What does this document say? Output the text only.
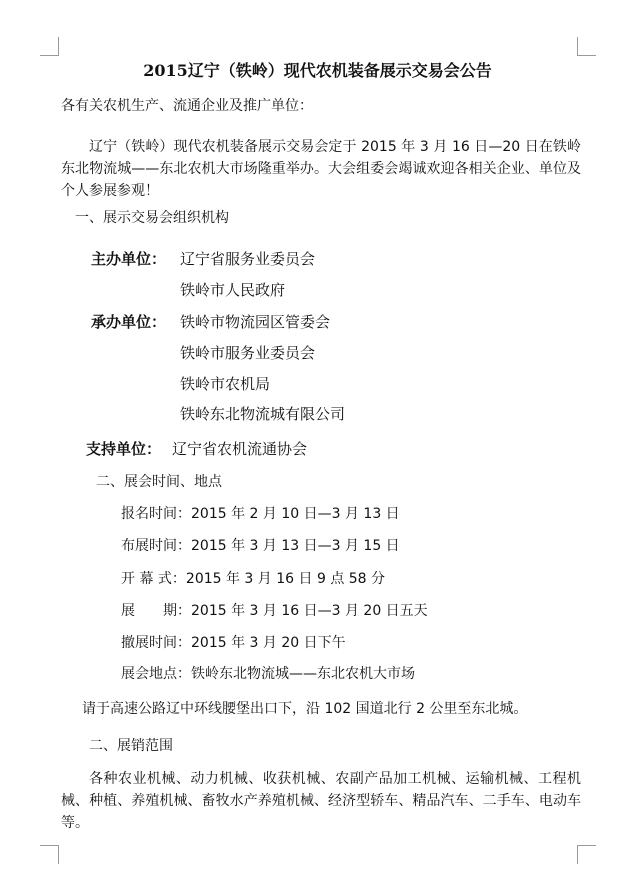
2015辽宁（铁岭）现代农机装备展示交易会公告
各有关农机生产、流通企业及推广单位：
辽宁（铁岭）现代农机装备展示交易会定于 2015 年 3 月 16 日—20 日在铁岭东北物流城——东北农机大市场隆重举办。大会组委会竭诚欢迎各相关企业、单位及个人参展参观！
一、展示交易会组织机构
主办单位： 辽宁省服务业委员会
铁岭市人民政府
承办单位： 铁岭市物流园区管委会
铁岭市服务业委员会
铁岭市农机局
铁岭东北物流城有限公司
支持单位： 辽宁省农机流通协会
二、展会时间、地点
报名时间：2015 年 2 月 10 日—3 月 13 日
布展时间：2015 年 3 月 13 日—3 月 15 日
开 幕 式：2015 年 3 月 16 日 9 点 58 分
展　　期：2015 年 3 月 16 日—3 月 20 日五天
撤展时间：2015 年 3 月 20 日下午
展会地点：铁岭东北物流城——东北农机大市场
请于高速公路辽中环线腰堡出口下，沿 102 国道北行 2 公里至东北城。
二、展销范围
各种农业机械、动力机械、收获机械、农副产品加工机械、运输机械、工程机械、种植、养殖机械、畜牧水产养殖机械、经济型轿车、精品汽车、二手车、电动车等。
